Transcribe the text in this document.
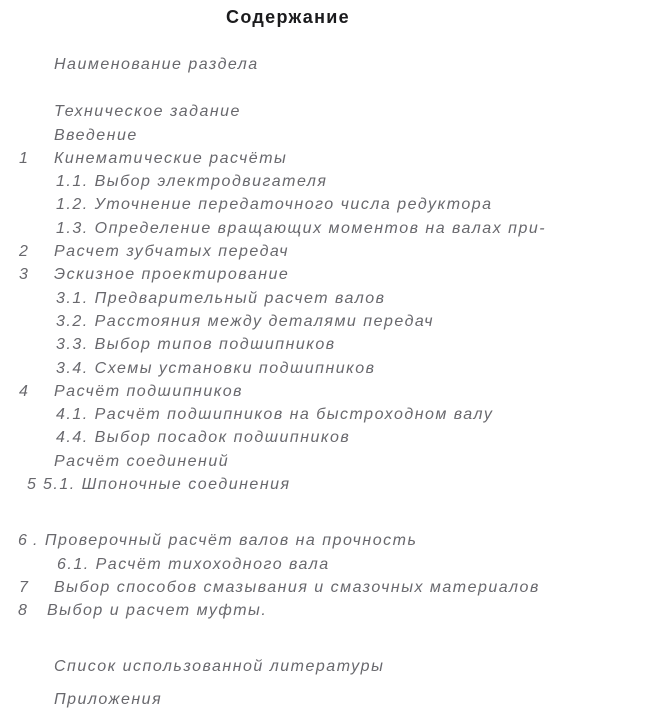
Содержание
Наименование раздела
Техническое задание
Введение
1 Кинематические расчёты
1.1. Выбор электродвигателя
1.2. Уточнение передаточного числа редуктора
1.3. Определение вращающих моментов на валах при-
2 Расчет зубчатых передач
3 Эскизное проектирование
3.1. Предварительный расчет валов
3.2. Расстояния между деталями передач
3.3. Выбор типов подшипников
3.4. Схемы установки подшипников
4 Расчёт подшипников
4.1. Расчёт подшипников на быстроходном валу
4.4. Выбор посадок подшипников
Расчёт соединений
5 5.1. Шпоночные соединения
6 . Проверочный расчёт валов на прочность
6.1. Расчёт тихоходного вала
7 Выбор способов смазывания и смазочных материалов
8 Выбор и расчет муфты.
Список использованной литературы
Приложения
